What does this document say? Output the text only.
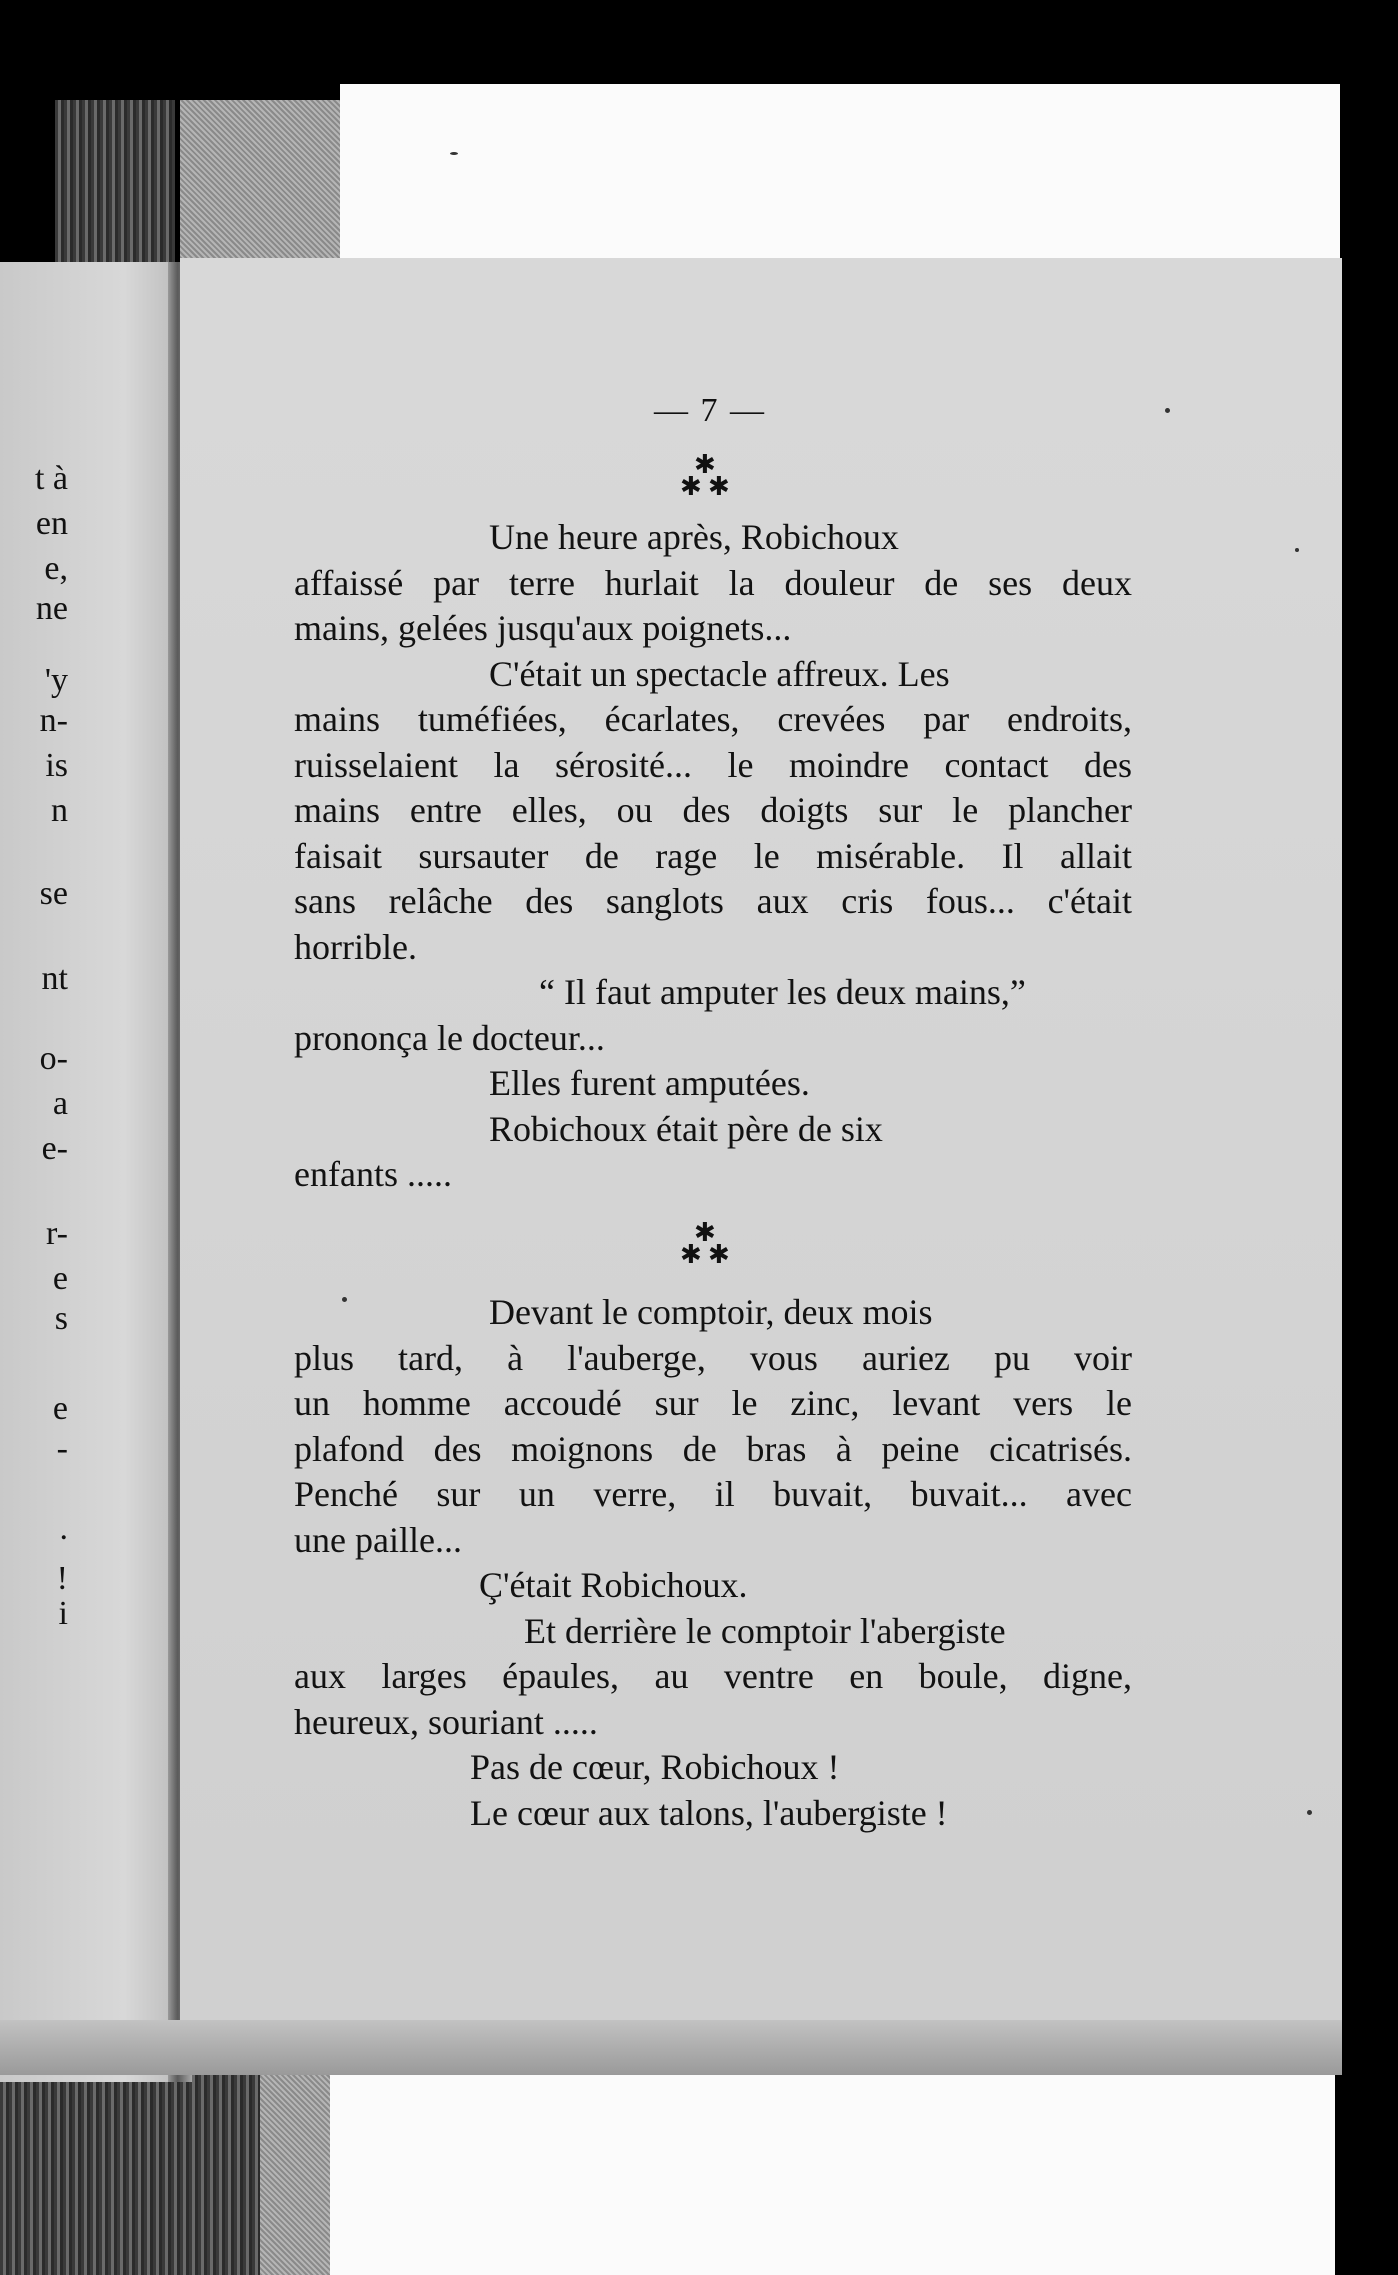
t à
en
e,
ne
'y
n-
is
n
se
nt
o-
a
e-
r-
e
s
e
-
.
!
i
— 7 —
✱
✱ ✱
Une heure après, Robichoux
affaissé par terre hurlait la douleur de ses deux
mains, gelées jusqu'aux poignets...
C'était un spectacle affreux. Les
mains tuméfiées, écarlates, crevées par endroits,
ruisselaient la sérosité... le moindre contact des
mains entre elles, ou des doigts sur le plancher
faisait sursauter de rage le misérable. Il allait
sans relâche des sanglots aux cris fous... c'était
horrible.
“ Il faut amputer les deux mains,”
prononça le docteur...
Elles furent amputées.
Robichoux était père de six
enfants .....
✱
✱ ✱
Devant le comptoir, deux mois
plus tard, à l'auberge, vous auriez pu voir
un homme accoudé sur le zinc, levant vers le
plafond des moignons de bras à peine cicatrisés.
Penché sur un verre, il buvait, buvait... avec
une paille...
Ç'était Robichoux.
Et derrière le comptoir l'abergiste
aux larges épaules, au ventre en boule, digne,
heureux, souriant .....
Pas de cœur, Robichoux !
Le cœur aux talons, l'aubergiste !
